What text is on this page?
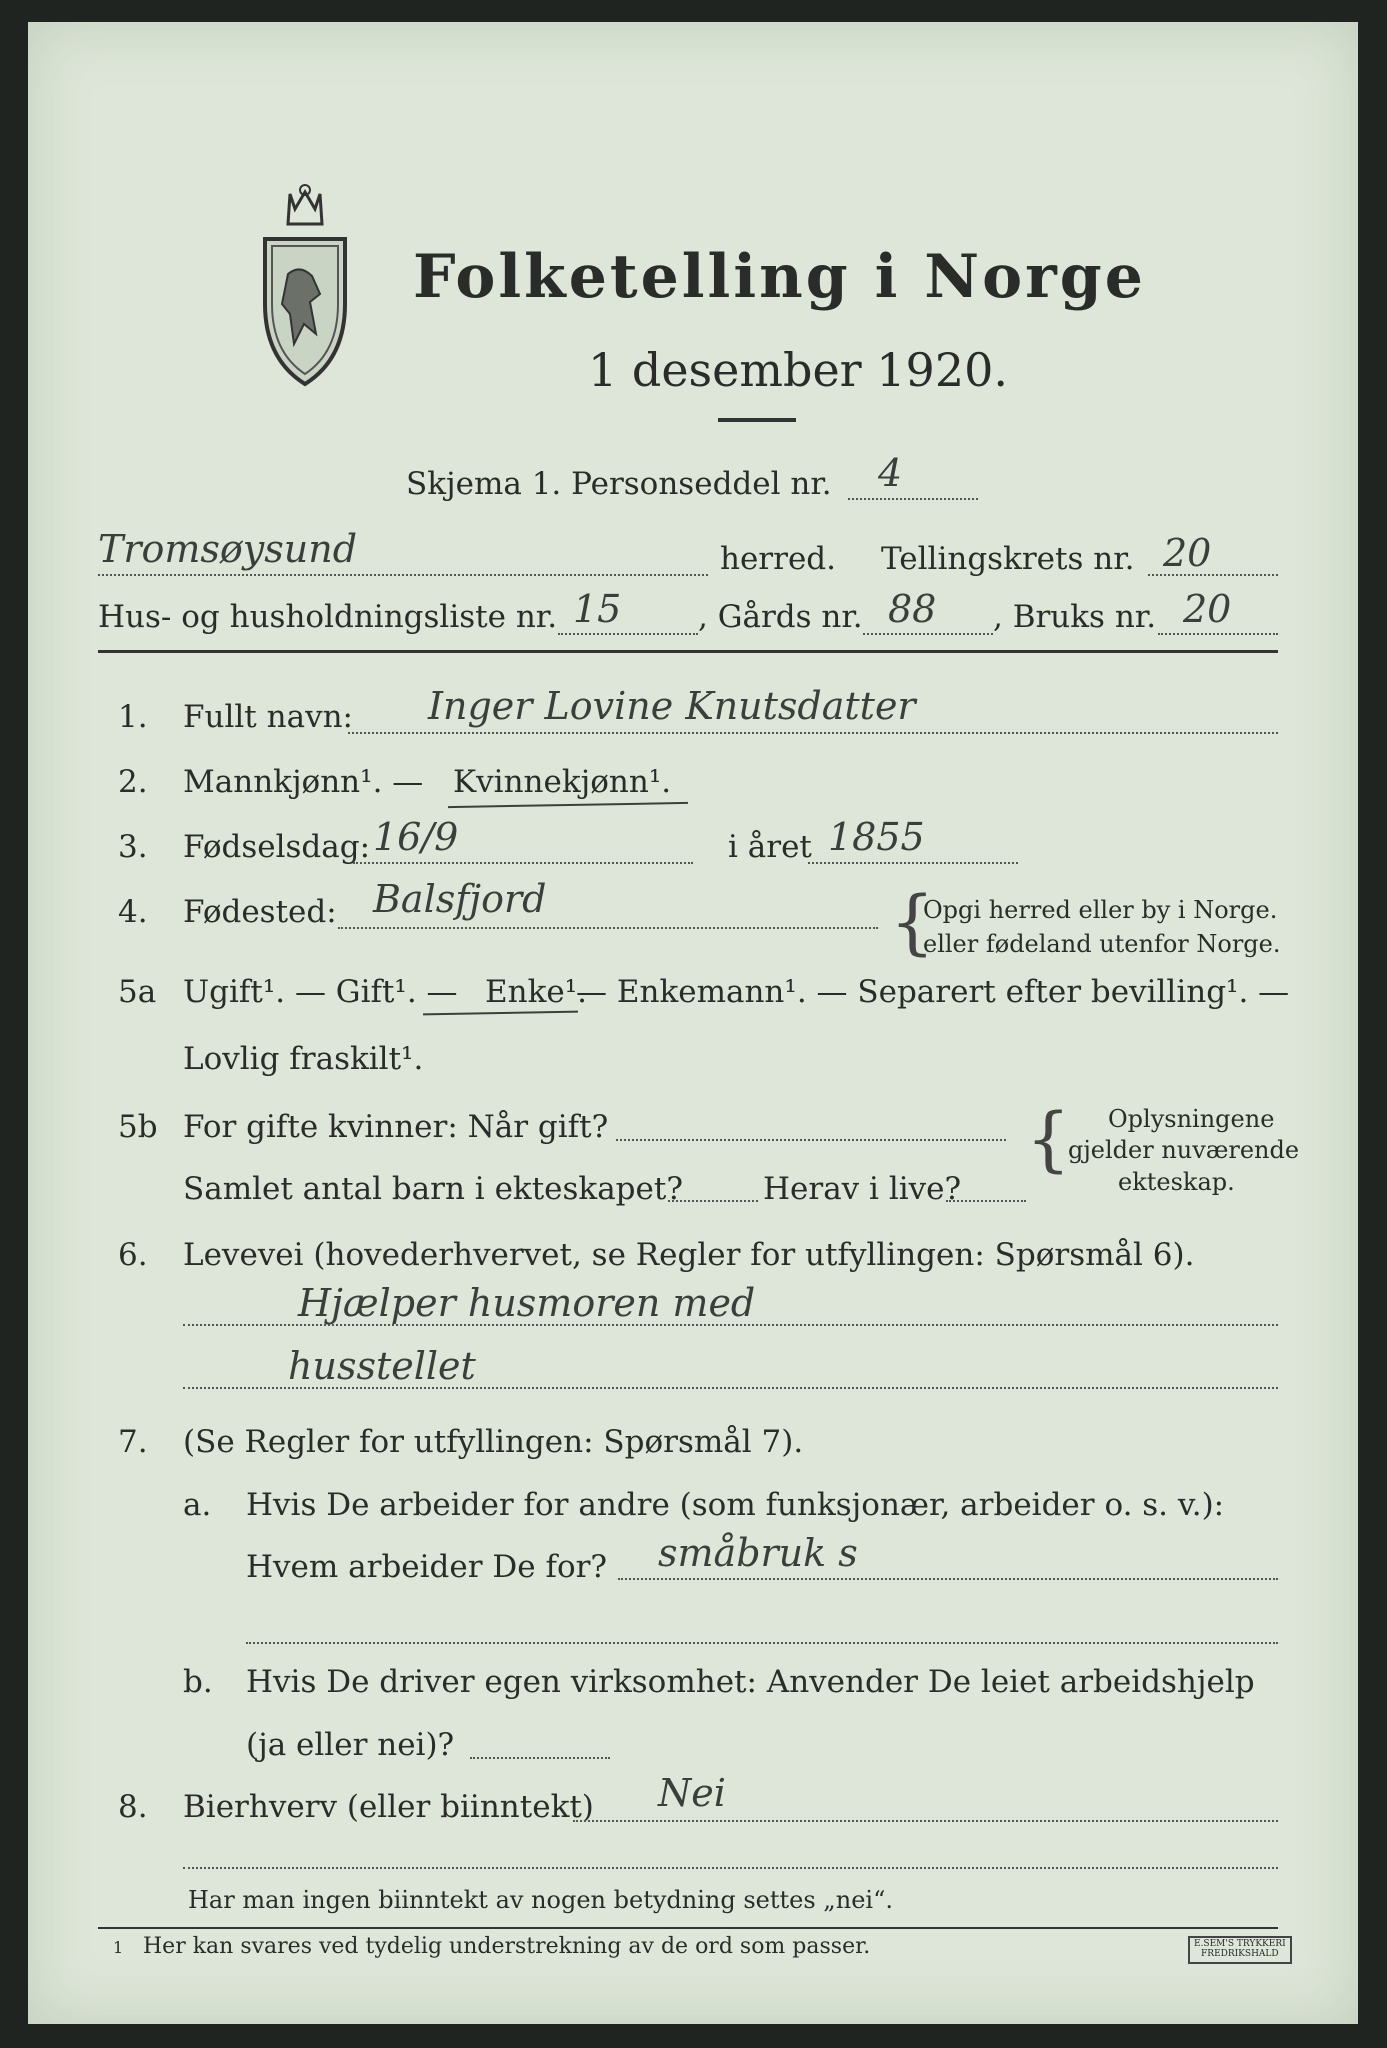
Folketelling i Norge
1 desember 1920.
Skjema 1. Personseddel nr. 4
Tromsøysund	herred. Tellingskrets nr. 20
Hus- og husholdningsliste nr. 15 , Gårds nr. 88 , Bruks nr. 20
1. Fullt navn: Inger Lovine Knutsdatter
2. Mannkjønn¹. — Kvinnekjønn¹.
3. Fødselsdag: 16/9	i året 1855
4. Fødested: Balsfjord	{
Opgi herred eller by i Norge.
eller fødeland utenfor Norge.
5a Ugift¹. — Gift¹. — Enke¹.
— Enkemann¹. — Separert efter bevilling¹. —
Lovlig fraskilt¹.
5b For gifte kvinner: Når gift?	{ Oplysningene
gjelder nuværende
ekteskap.
Samlet antal barn i ekteskapet?	Herav i live?
6. Levevei (hovederhvervet, se Regler for utfyllingen: Spørsmål 6).
Hjælper husmoren med
husstellet
7. (Se Regler for utfyllingen: Spørsmål 7).
a. Hvis De arbeider for andre (som funksjonær, arbeider o. s. v.):
Hvem arbeider De for? småbruk s
b. Hvis De driver egen virksomhet: Anvender De leiet arbeidshjelp
(ja eller nei)?
8. Bierhverv (eller biinntekt) Nei
Har man ingen biinntekt av nogen betydning settes „nei“.
1 Her kan svares ved tydelig understrekning av de ord som passer.	E.SEM'S TRYKKERI
FREDRIKSHALD
